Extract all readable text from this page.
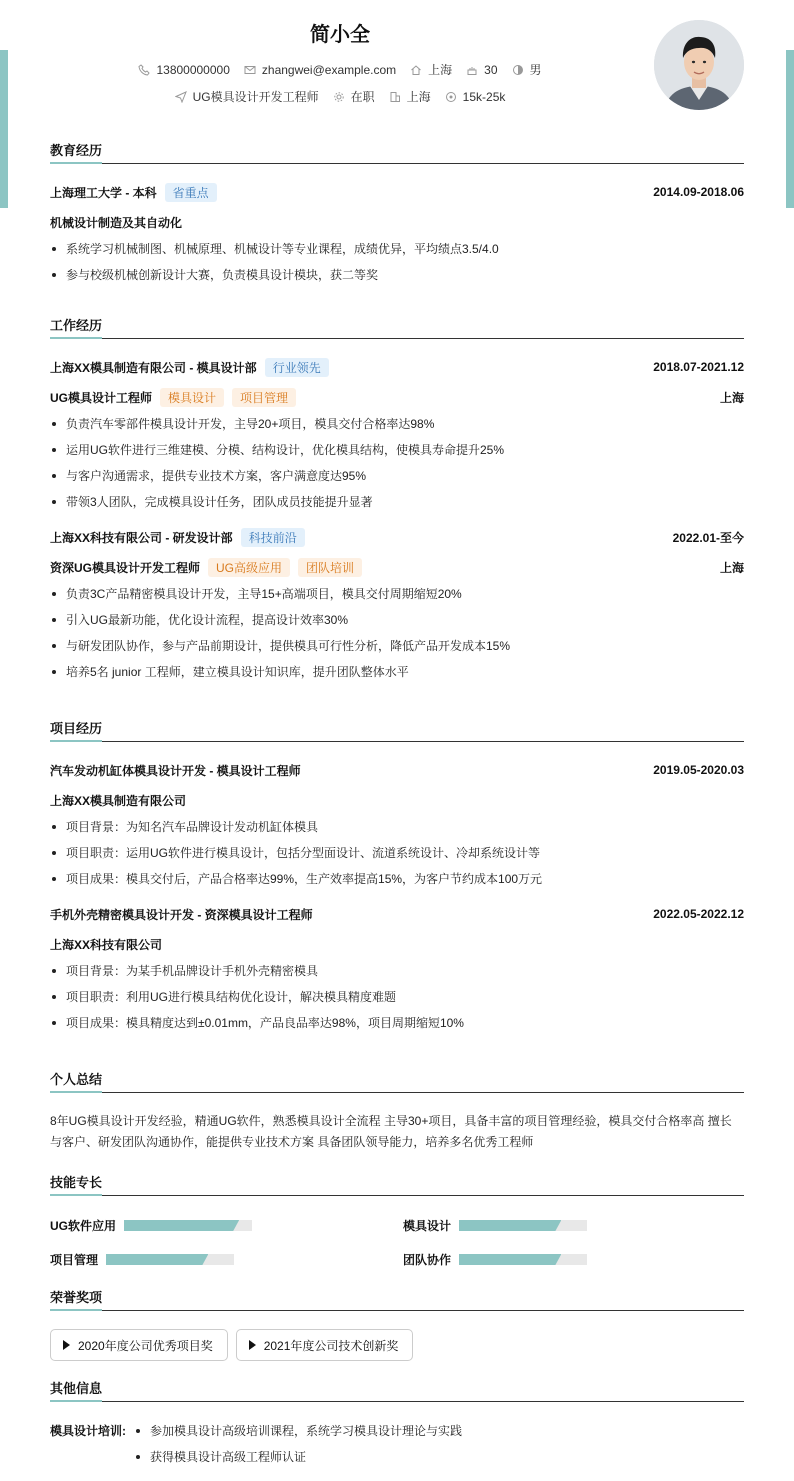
简小全
13800000000	zhangwei@example.com	上海	30	男
UG模具设计开发工程师	在职	上海	15k-25k
教育经历
上海理工大学 - 本科	省重点	2014.09-2018.06
机械设计制造及其自动化
系统学习机械制图、机械原理、机械设计等专业课程，成绩优异，平均绩点3.5/4.0
参与校级机械创新设计大赛，负责模具设计模块，获二等奖
工作经历
上海XX模具制造有限公司 - 模具设计部	行业领先	2018.07-2021.12
UG模具设计工程师	模具设计	项目管理	上海
负责汽车零部件模具设计开发，主导20+项目，模具交付合格率达98%
运用UG软件进行三维建模、分模、结构设计，优化模具结构，使模具寿命提升25%
与客户沟通需求，提供专业技术方案，客户满意度达95%
带领3人团队，完成模具设计任务，团队成员技能提升显著
上海XX科技有限公司 - 研发设计部	科技前沿	2022.01-至今
资深UG模具设计开发工程师	UG高级应用	团队培训	上海
负责3C产品精密模具设计开发，主导15+高端项目，模具交付周期缩短20%
引入UG最新功能，优化设计流程，提高设计效率30%
与研发团队协作，参与产品前期设计，提供模具可行性分析，降低产品开发成本15%
培养5名 junior 工程师，建立模具设计知识库，提升团队整体水平
项目经历
汽车发动机缸体模具设计开发 - 模具设计工程师	2019.05-2020.03
上海XX模具制造有限公司
项目背景：为知名汽车品牌设计发动机缸体模具
项目职责：运用UG软件进行模具设计，包括分型面设计、流道系统设计、冷却系统设计等
项目成果：模具交付后，产品合格率达99%，生产效率提高15%，为客户节约成本100万元
手机外壳精密模具设计开发 - 资深模具设计工程师	2022.05-2022.12
上海XX科技有限公司
项目背景：为某手机品牌设计手机外壳精密模具
项目职责：利用UG进行模具结构优化设计，解决模具精度难题
项目成果：模具精度达到±0.01mm，产品良品率达98%，项目周期缩短10%
个人总结
8年UG模具设计开发经验，精通UG软件，熟悉模具设计全流程 主导30+项目，具备丰富的项目管理经验，模具交付合格率高 擅长
与客户、研发团队沟通协作，能提供专业技术方案 具备团队领导能力，培养多名优秀工程师
技能专长
UG软件应用	模具设计
项目管理	团队协作
荣誉奖项
2020年度公司优秀项目奖	2021年度公司技术创新奖
其他信息
模具设计培训:	参加模具设计高级培训课程，系统学习模具设计理论与实践
获得模具设计高级工程师认证
